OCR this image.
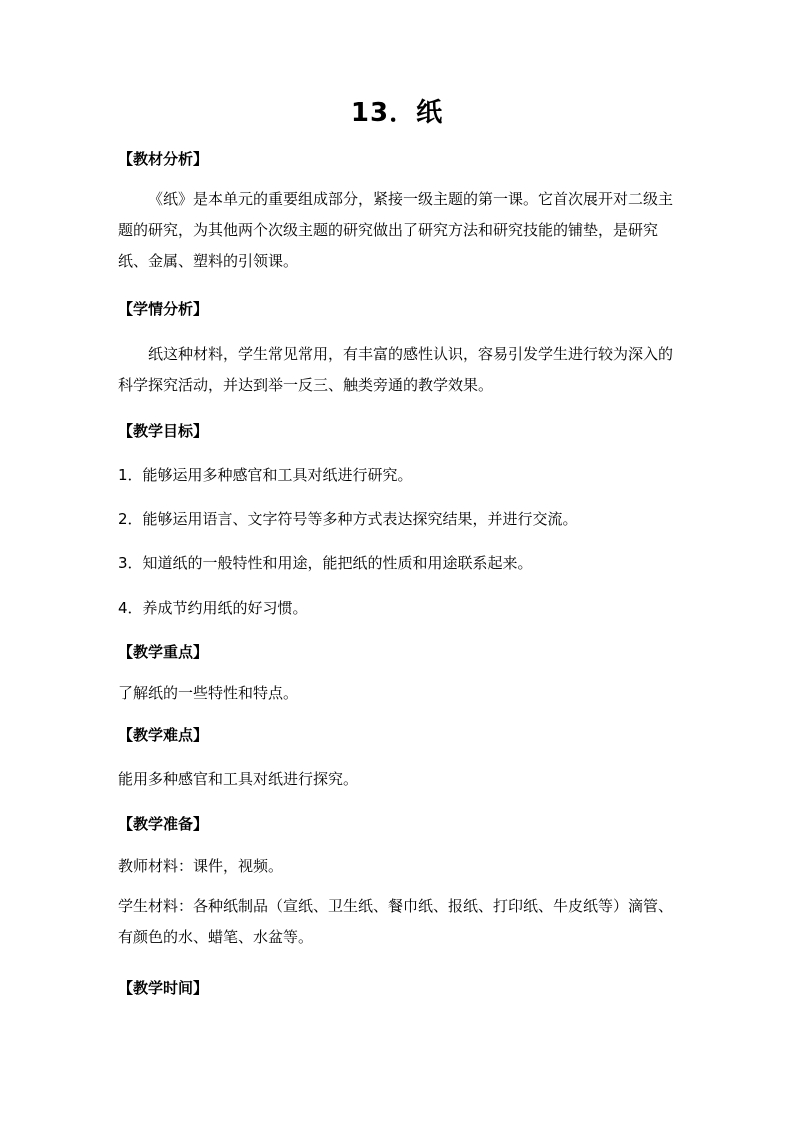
13．纸
【教材分析】
《纸》是本单元的重要组成部分，紧接一级主题的第一课。它首次展开对二级主题的研究，为其他两个次级主题的研究做出了研究方法和研究技能的铺垫，是研究纸、金属、塑料的引领课。
【学情分析】
纸这种材料，学生常见常用，有丰富的感性认识，容易引发学生进行较为深入的科学探究活动，并达到举一反三、触类旁通的教学效果。
【教学目标】
1．能够运用多种感官和工具对纸进行研究。
2．能够运用语言、文字符号等多种方式表达探究结果，并进行交流。
3．知道纸的一般特性和用途，能把纸的性质和用途联系起来。
4．养成节约用纸的好习惯。
【教学重点】
了解纸的一些特性和特点。
【教学难点】
能用多种感官和工具对纸进行探究。
【教学准备】
教师材料：课件，视频。
学生材料：各种纸制品（宣纸、卫生纸、餐巾纸、报纸、打印纸、牛皮纸等）滴管、有颜色的水、蜡笔、水盆等。
【教学时间】
